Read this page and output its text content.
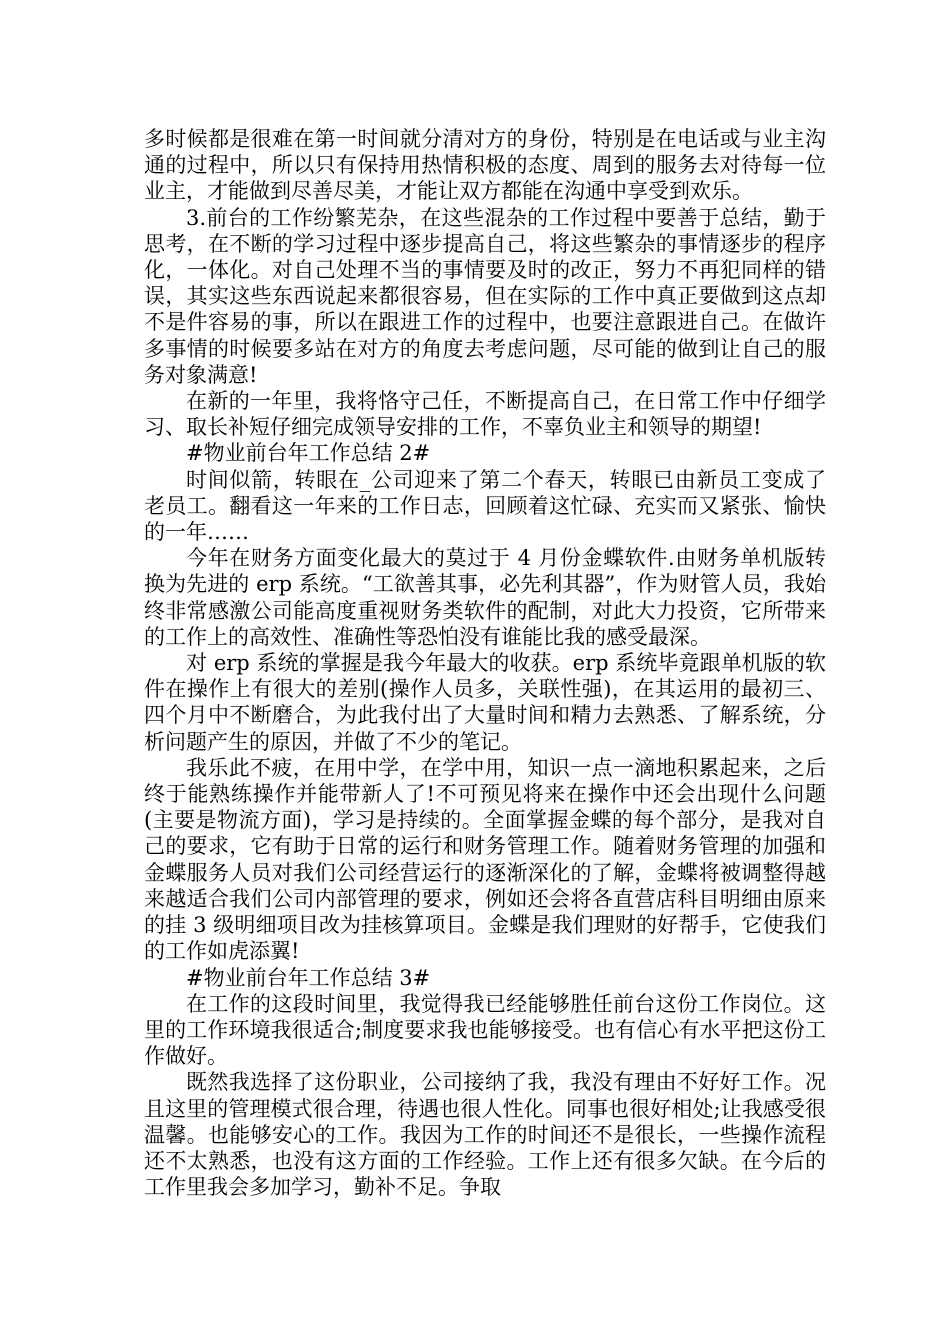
多时候都是很难在第一时间就分清对方的身份，特别是在电话或与业主沟通的过程中，所以只有保持用热情积极的态度、周到的服务去对待每一位业主，才能做到尽善尽美，才能让双方都能在沟通中享受到欢乐。

3.前台的工作纷繁芜杂，在这些混杂的工作过程中要善于总结，勤于思考，在不断的学习过程中逐步提高自己，将这些繁杂的事情逐步的程序化，一体化。对自己处理不当的事情要及时的改正，努力不再犯同样的错误，其实这些东西说起来都很容易，但在实际的工作中真正要做到这点却不是件容易的事，所以在跟进工作的过程中，也要注意跟进自己。在做许多事情的时候要多站在对方的角度去考虑问题，尽可能的做到让自己的服务对象满意!

在新的一年里，我将恪守己任，不断提高自己，在日常工作中仔细学习、取长补短仔细完成领导安排的工作，不辜负业主和领导的期望!

#物业前台年工作总结 2#

时间似箭，转眼在_公司迎来了第二个春天，转眼已由新员工变成了老员工。翻看这一年来的工作日志，回顾着这忙碌、充实而又紧张、愉快的一年……

今年在财务方面变化最大的莫过于 4 月份金蝶软件.由财务单机版转换为先进的 erp 系统。“工欲善其事，必先利其器”，作为财管人员，我始终非常感激公司能高度重视财务类软件的配制，对此大力投资，它所带来的工作上的高效性、准确性等恐怕没有谁能比我的感受最深。

对 erp 系统的掌握是我今年最大的收获。erp 系统毕竟跟单机版的软件在操作上有很大的差别(操作人员多，关联性强)，在其运用的最初三、四个月中不断磨合，为此我付出了大量时间和精力去熟悉、了解系统，分析问题产生的原因，并做了不少的笔记。

我乐此不疲，在用中学，在学中用，知识一点一滴地积累起来，之后终于能熟练操作并能带新人了!不可预见将来在操作中还会出现什么问题(主要是物流方面)，学习是持续的。全面掌握金蝶的每个部分，是我对自己的要求，它有助于日常的运行和财务管理工作。随着财务管理的加强和金蝶服务人员对我们公司经营运行的逐渐深化的了解，金蝶将被调整得越来越适合我们公司内部管理的要求，例如还会将各直营店科目明细由原来的挂 3 级明细项目改为挂核算项目。金蝶是我们理财的好帮手，它使我们的工作如虎添翼!

#物业前台年工作总结 3#

在工作的这段时间里，我觉得我已经能够胜任前台这份工作岗位。这里的工作环境我很适合;制度要求我也能够接受。也有信心有水平把这份工作做好。

既然我选择了这份职业，公司接纳了我，我没有理由不好好工作。况且这里的管理模式很合理，待遇也很人性化。同事也很好相处;让我感受很温馨。也能够安心的工作。我因为工作的时间还不是很长，一些操作流程还不太熟悉，也没有这方面的工作经验。工作上还有很多欠缺。在今后的工作里我会多加学习，勤补不足。争取
